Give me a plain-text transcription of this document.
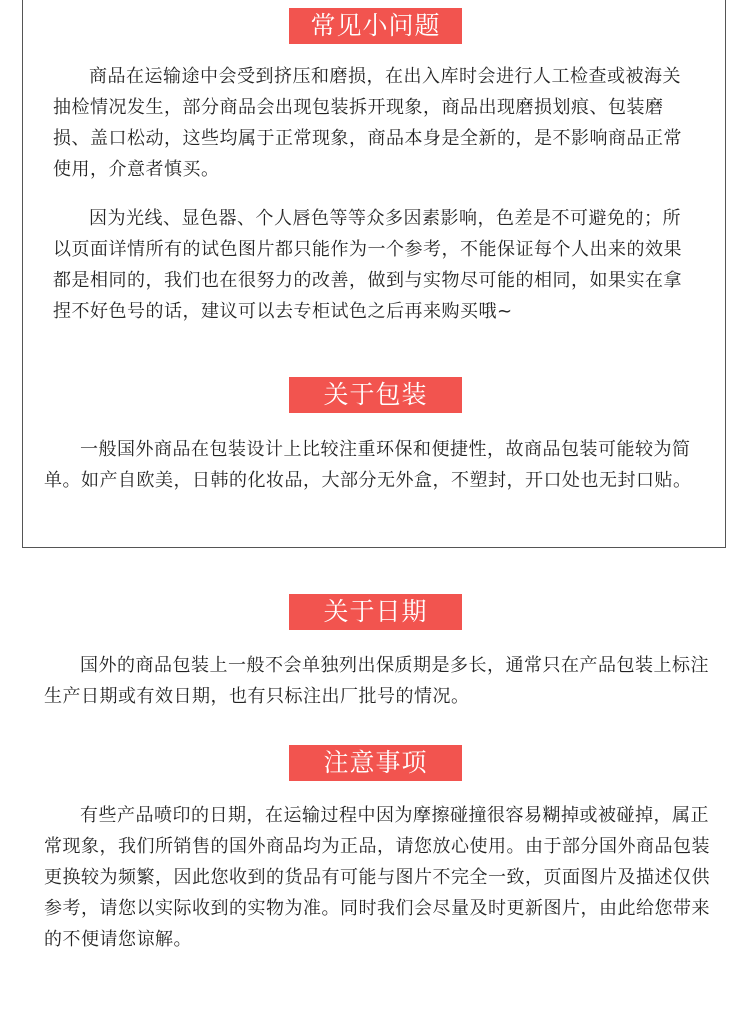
常见小问题

商品在运输途中会受到挤压和磨损，在出入库时会进行人工检查或被海关抽检情况发生，部分商品会出现包装拆开现象，商品出现磨损划痕、包装磨损、盖口松动，这些均属于正常现象，商品本身是全新的，是不影响商品正常使用，介意者慎买。

因为光线、显色器、个人唇色等等众多因素影响，色差是不可避免的；所以页面详情所有的试色图片都只能作为一个参考，不能保证每个人出来的效果都是相同的，我们也在很努力的改善，做到与实物尽可能的相同，如果实在拿捏不好色号的话，建议可以去专柜试色之后再来购买哦~

关于包装

一般国外商品在包装设计上比较注重环保和便捷性，故商品包装可能较为简单。如产自欧美，日韩的化妆品，大部分无外盒，不塑封，开口处也无封口贴。

关于日期

国外的商品包装上一般不会单独列出保质期是多长，通常只在产品包装上标注生产日期或有效日期，也有只标注出厂批号的情况。

注意事项

有些产品喷印的日期，在运输过程中因为摩擦碰撞很容易糊掉或被碰掉，属正常现象，我们所销售的国外商品均为正品，请您放心使用。由于部分国外商品包装更换较为频繁，因此您收到的货品有可能与图片不完全一致，页面图片及描述仅供参考，请您以实际收到的实物为准。同时我们会尽量及时更新图片，由此给您带来的不便请您谅解。
